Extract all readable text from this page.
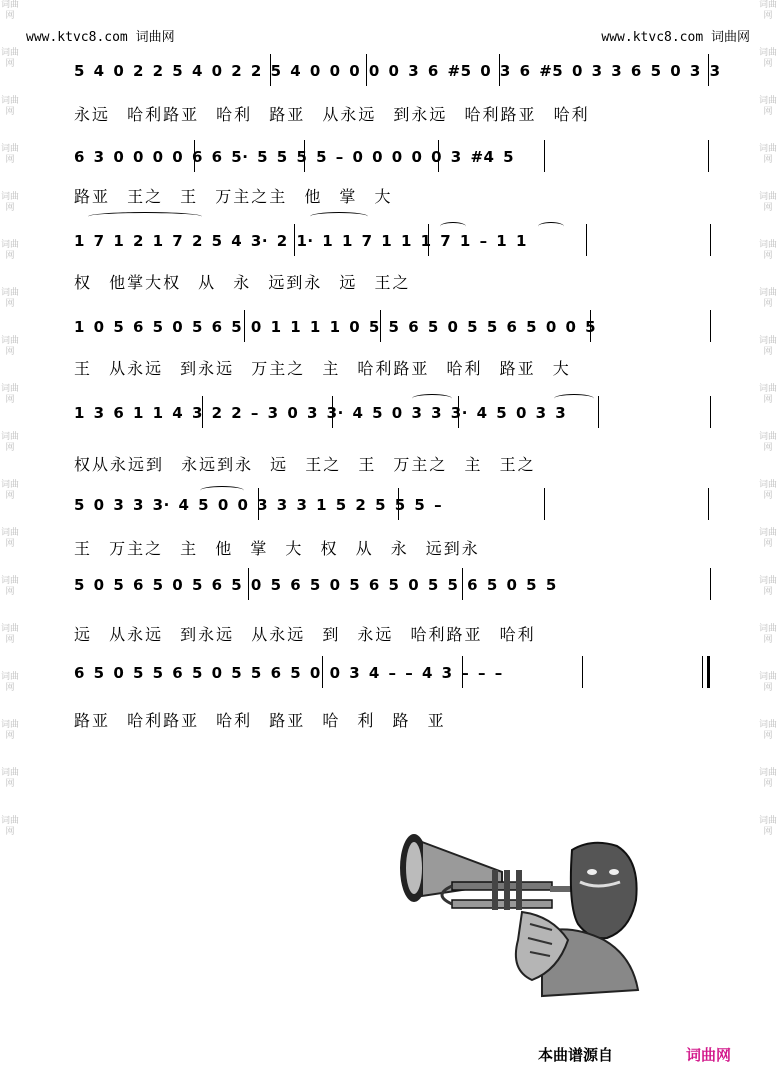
词曲网
词曲网
词曲网
词曲网
词曲网
词曲网
词曲网
词曲网
词曲网
词曲网
词曲网
词曲网
词曲网
词曲网
词曲网
词曲网
词曲网
词曲网
词曲网
词曲网
词曲网
词曲网
词曲网
词曲网
词曲网
词曲网
词曲网
词曲网
词曲网
词曲网
词曲网
词曲网
词曲网
词曲网
词曲网
词曲网
www.ktvc8.com 词曲网	www.ktvc8.com 词曲网
5 4 0 2 2 5 4 0 2 2 5 4 0 0 0 0 0 3 6 #5 0 3 6 #5 0 3 3 6 5 0 3 3
永远 哈利路亚 哈利 路亚 从永远 到永远 哈利路亚 哈利
6 3 0 0 0 0 6 6 5· 5 5 5 5 – 0 0 0 0 0 3 #4 5
路亚 王之 王 万主之主 他 掌 大
1 7 1 2 1 7 2 5 4 3· 2 1· 1 1 7 1 1 1 7 1 – 1 1
权 他掌大权 从 永 远到永 远 王之
1 0 5 6 5 0 5 6 5 0 1 1 1 1 0 5 5 6 5 0 5 5 6 5 0 0 5
王 从永远 到永远 万主之 主 哈利路亚 哈利 路亚 大
1 3 6 1 1 4 3 2 2 – 3 0 3 3· 4 5 0 3 3 3· 4 5 0 3 3
权从永远到 永远到永 远 王之 王 万主之 主 王之
5 0 3 3 3· 4 5 0 0 3 3 3 1 5 2 5 5 5 –
王 万主之 主 他 掌 大 权 从 永 远到永
5 0 5 6 5 0 5 6 5 0 5 6 5 0 5 6 5 0 5 5 6 5 0 5 5
远 从永远 到永远 从永远 到 永远 哈利路亚 哈利
6 5 0 5 5 6 5 0 5 5 6 5 0 0 3 4 – – 4 3 – – –
路亚 哈利路亚 哈利 路亚 哈 利 路 亚
本曲谱源自	词曲网
